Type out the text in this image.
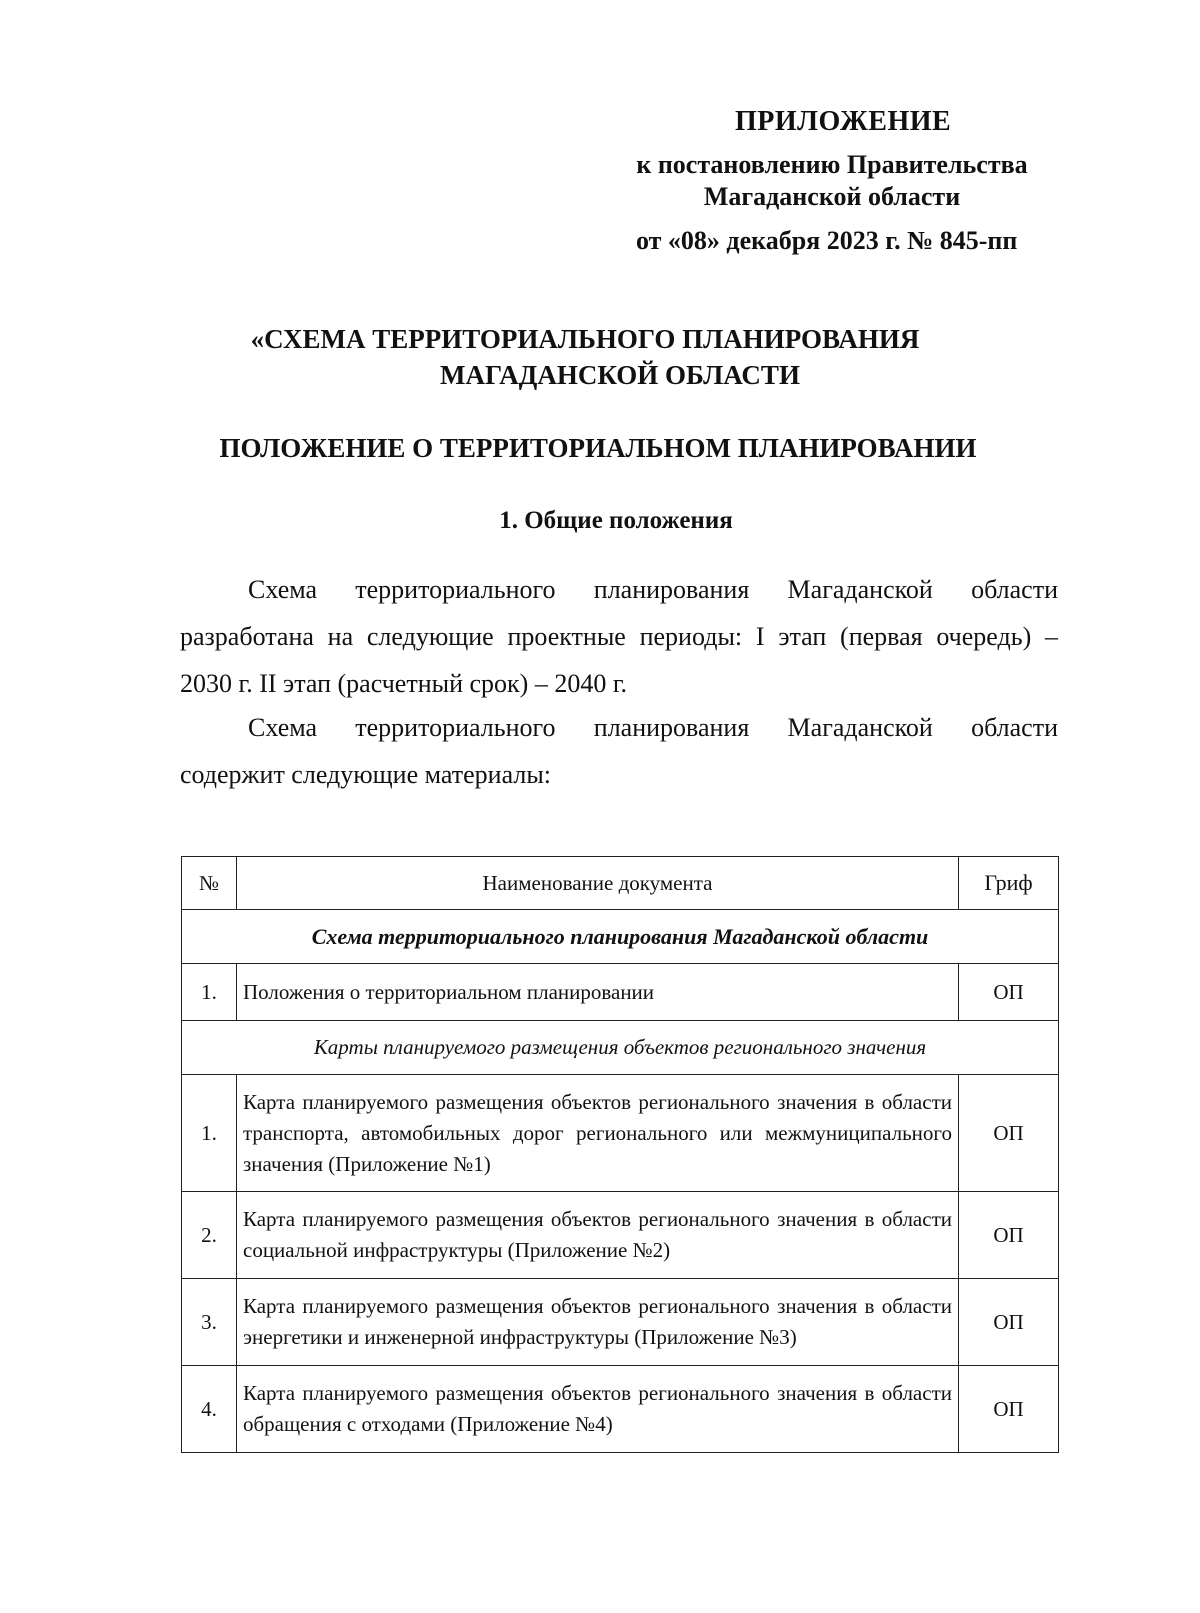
ПРИЛОЖЕНИЕ
к постановлению Правительства
Магаданской области
от «08» декабря 2023 г. № 845-пп
«СХЕМА ТЕРРИТОРИАЛЬНОГО ПЛАНИРОВАНИЯ
МАГАДАНСКОЙ ОБЛАСТИ
ПОЛОЖЕНИЕ О ТЕРРИТОРИАЛЬНОМ ПЛАНИРОВАНИИ
1. Общие положения
Схема территориального планирования Магаданской области
разработана на следующие проектные периоды: I этап (первая очередь) –
2030 г. II этап (расчетный срок) – 2040 г.
Схема территориального планирования Магаданской области
содержит следующие материалы:
№	Наименование документа	Гриф
Схема территориального планирования Магаданской области		
1.	Положения о территориальном планировании	ОП
Карты планируемого размещения объектов регионального значения		
1.	Карта планируемого размещения объектов регионального значения в области транспорта, автомобильных дорог регионального или межмуниципального значения (Приложение №1)	ОП
2.	Карта планируемого размещения объектов регионального значения в области социальной инфраструктуры (Приложение №2)	ОП
3.	Карта планируемого размещения объектов регионального значения в области энергетики и инженерной инфраструктуры (Приложение №3)	ОП
4.	Карта планируемого размещения объектов регионального значения в области обращения с отходами (Приложение №4)	ОП
